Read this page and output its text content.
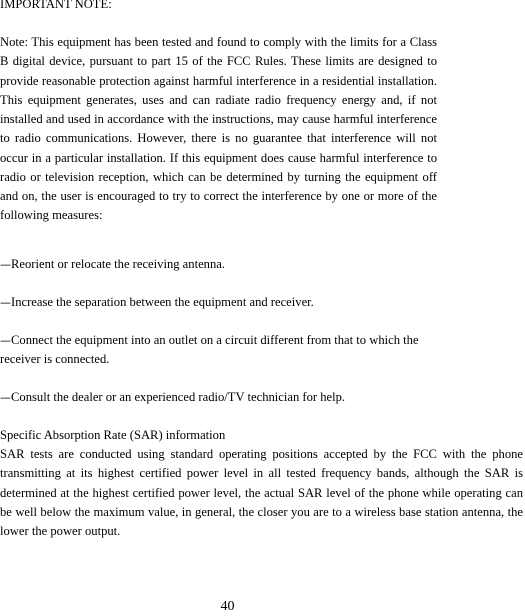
IMPORTANT NOTE:

Note: This equipment has been tested and found to comply with the limits for a Class B digital device, pursuant to part 15 of the FCC Rules. These limits are designed to provide reasonable protection against harmful interference in a residential installation. This equipment generates, uses and can radiate radio frequency energy and, if not installed and used in accordance with the instructions, may cause harmful interference to radio communications. However, there is no guarantee that interference will not occur in a particular installation. If this equipment does cause harmful interference to radio or television reception, which can be determined by turning the equipment off and on, the user is encouraged to try to correct the interference by one or more of the following measures:

—Reorient or relocate the receiving antenna.

—Increase the separation between the equipment and receiver.

—Connect the equipment into an outlet on a circuit different from that to which the receiver is connected.

—Consult the dealer or an experienced radio/TV technician for help.

Specific Absorption Rate (SAR) information

SAR tests are conducted using standard operating positions accepted by the FCC with the phone transmitting at its highest certified power level in all tested frequency bands, although the SAR is determined at the highest certified power level, the actual SAR level of the phone while operating can be well below the maximum value, in general, the closer you are to a wireless base station antenna, the lower the power output.

40
